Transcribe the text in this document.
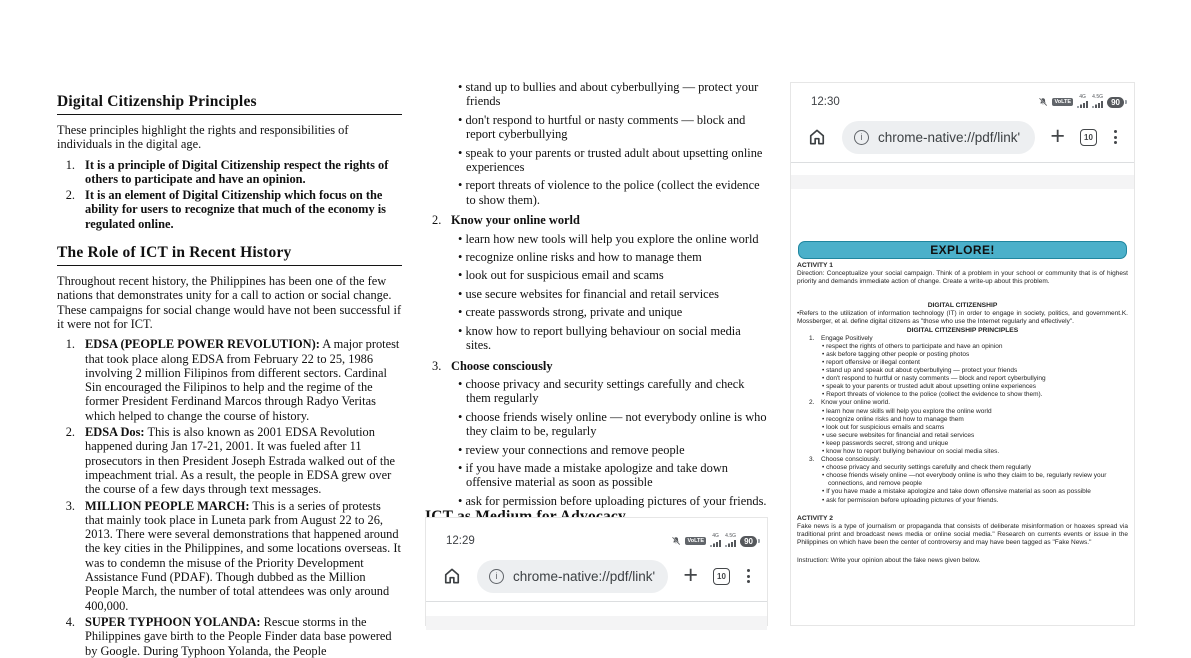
Digital Citizenship Principles

These principles highlight the rights and responsibilities of individuals in the digital age.

1. It is a principle of Digital Citizenship respect the rights of others to participate and have an opinion.
2. It is an element of Digital Citizenship which focus on the ability for users to recognize that much of the economy is regulated online.
The Role of ICT in Recent History

Throughout recent history, the Philippines has been one of the few nations that demonstrates unity for a call to action or social change. These campaigns for social change would have not been successful if it were not for ICT.

1. EDSA (PEOPLE POWER REVOLUTION): A major protest that took place along EDSA from February 22 to 25, 1986 involving 2 million Filipinos from different sectors. Cardinal Sin encouraged the Filipinos to help and the regime of the former President Ferdinand Marcos through Radyo Veritas which helped to change the course of history.
2. EDSA Dos: This is also known as 2001 EDSA Revolution happened during Jan 17-21, 2001. It was fueled after 11 prosecutors in then President Joseph Estrada walked out of the impeachment trial. As a result, the people in EDSA grew over the course of a few days through text messages.
3. MILLION PEOPLE MARCH: This is a series of protests that mainly took place in Luneta park from August 22 to 26, 2013. There were several demonstrations that happened around the key cities in the Philippines, and some locations overseas. It was to condemn the misuse of the Priority Development Assistance Fund (PDAF). Though dubbed as the Million People March, the number of total attendees was only around 400,000.
4. SUPER TYPHOON YOLANDA: Rescue storms in the Philippines gave birth to the People Finder data base powered by Google. During Typhoon Yolanda, the People
• stand up to bullies and about cyberbullying — protect your friends
• don't respond to hurtful or nasty comments — block and report cyberbullying
• speak to your parents or trusted adult about upsetting online experiences
• report threats of violence to the police (collect the evidence to show them).
2. Know your online world
• learn how new tools will help you explore the online world
• recognize online risks and how to manage them
• look out for suspicious email and scams
• use secure websites for financial and retail services
• create passwords strong, private and unique
• know how to report bullying behaviour on social media sites.
3. Choose consciously
• choose privacy and security settings carefully and check them regularly
• choose friends wisely online — not everybody online is who they claim to be, regularly
• review your connections and remove people
• if you have made a mistake apologize and take down offensive material as soon as possible
• ask for permission before uploading pictures of your friends.
12:29	VoLTE
4G 4.5G
90
i	chrome-native://pdf/link' +	10
12:30	VoLTE
4G 4.5G
90
i	chrome-native://pdf/link' +	10
EXPLORE!
ACTIVITY 1
Direction: Conceptualize your social campaign. Think of a problem in your school or community that is of highest priority and demands immediate action of change. Create a write-up about this problem.
DIGITAL CITIZENSHIP
•Refers to the utilization of information technology (IT) in order to engage in society, politics, and government.K. Mossberger, et al. define digital citizens as "those who use the Internet regularly and effectively".
DIGITAL CITIZENSHIP PRINCIPLES
1.	Engage Positively
• respect the rights of others to participate and have an opinion
• ask before tagging other people or posting photos
• report offensive or illegal content
• stand up and speak out about cyberbullying — protect your friends
• don't respond to hurtful or nasty comments — block and report cyberbullying
• speak to your parents or trusted adult about upsetting online experiences
• Report threats of violence to the police (collect the evidence to show them).
2.	Know your online world.
• learn how new skills will help you explore the online world
• recognize online risks and how to manage them
• look out for suspicious emails and scams
• use secure websites for financial and retail services
• keep passwords secret, strong and unique
• know how to report bullying behaviour on social media sites.
3.	Choose consciously.
• choose privacy and security settings carefully and check them regularly
• choose friends wisely online —not everybody online is who they claim to be, regularly review your connections, and remove people
• If you have made a mistake apologize and take down offensive material as soon as possible
• ask for permission before uploading pictures of your friends.
ACTIVITY 2
Fake news is a type of journalism or propaganda that consists of deliberate misinformation or hoaxes spread via traditional print and broadcast news media or online social media." Research on currents events or issue in the Philippines on which have been the center of controversy and may have been tagged as "Fake News."
Instruction: Write your opinion about the fake news given below.
